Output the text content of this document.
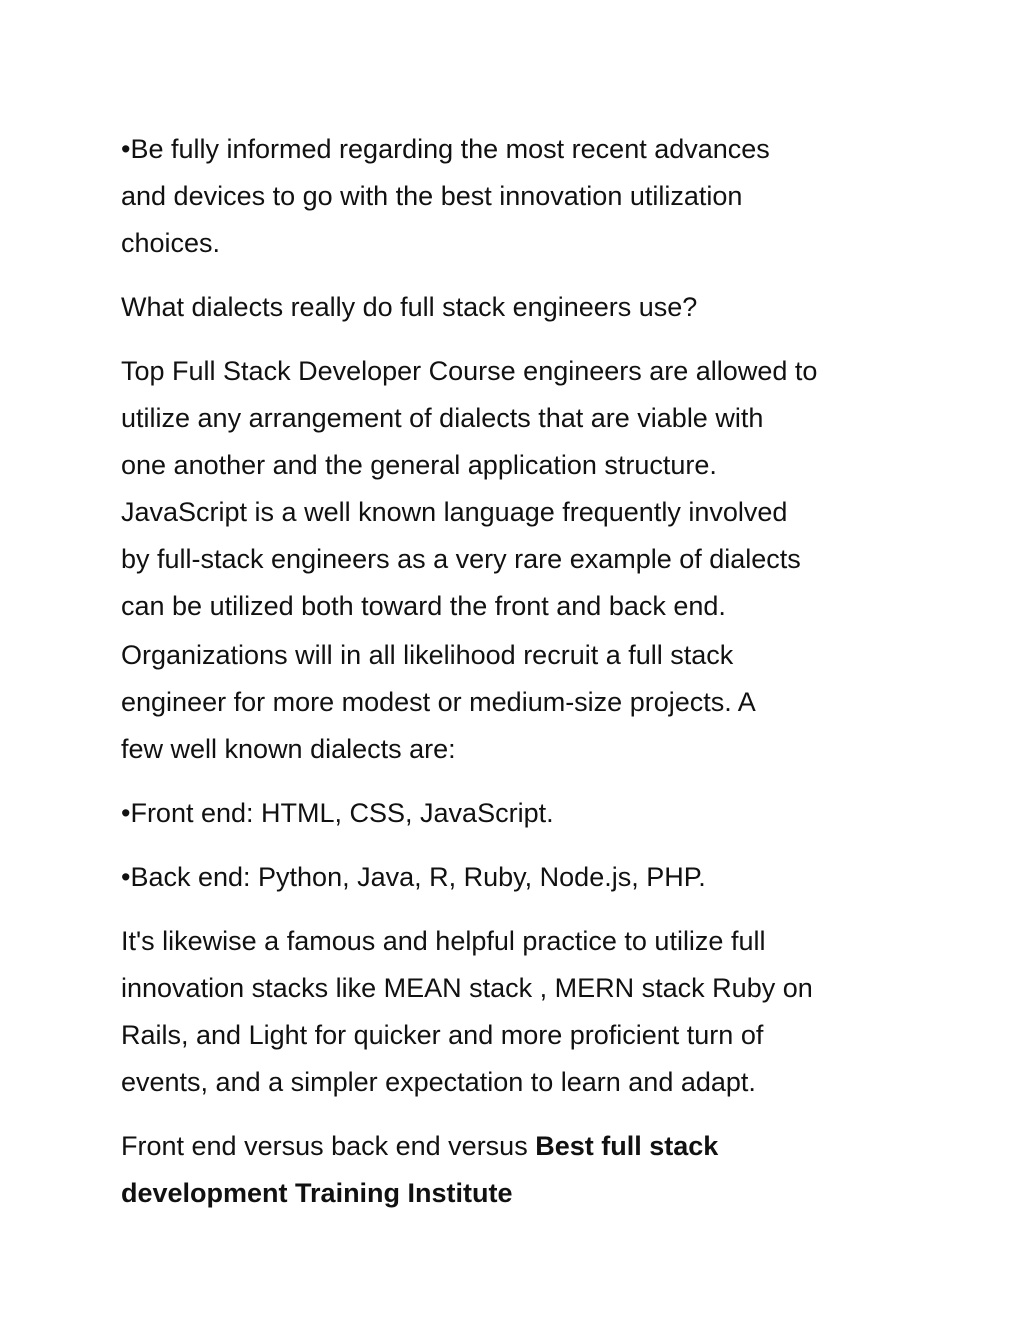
•Be fully informed regarding the most recent advances
and devices to go with the best innovation utilization
choices.

What dialects really do full stack engineers use?

Top Full Stack Developer Course engineers are allowed to
utilize any arrangement of dialects that are viable with
one another and the general application structure.
JavaScript is a well known language frequently involved
by full-stack engineers as a very rare example of dialects
can be utilized both toward the front and back end.

Organizations will in all likelihood recruit a full stack
engineer for more modest or medium-size projects. A
few well known dialects are:

•Front end: HTML, CSS, JavaScript.

•Back end: Python, Java, R, Ruby, Node.js, PHP.

It's likewise a famous and helpful practice to utilize full
innovation stacks like MEAN stack , MERN stack Ruby on
Rails, and Light for quicker and more proficient turn of
events, and a simpler expectation to learn and adapt.

Front end versus back end versus Best full stack
development Training Institute
